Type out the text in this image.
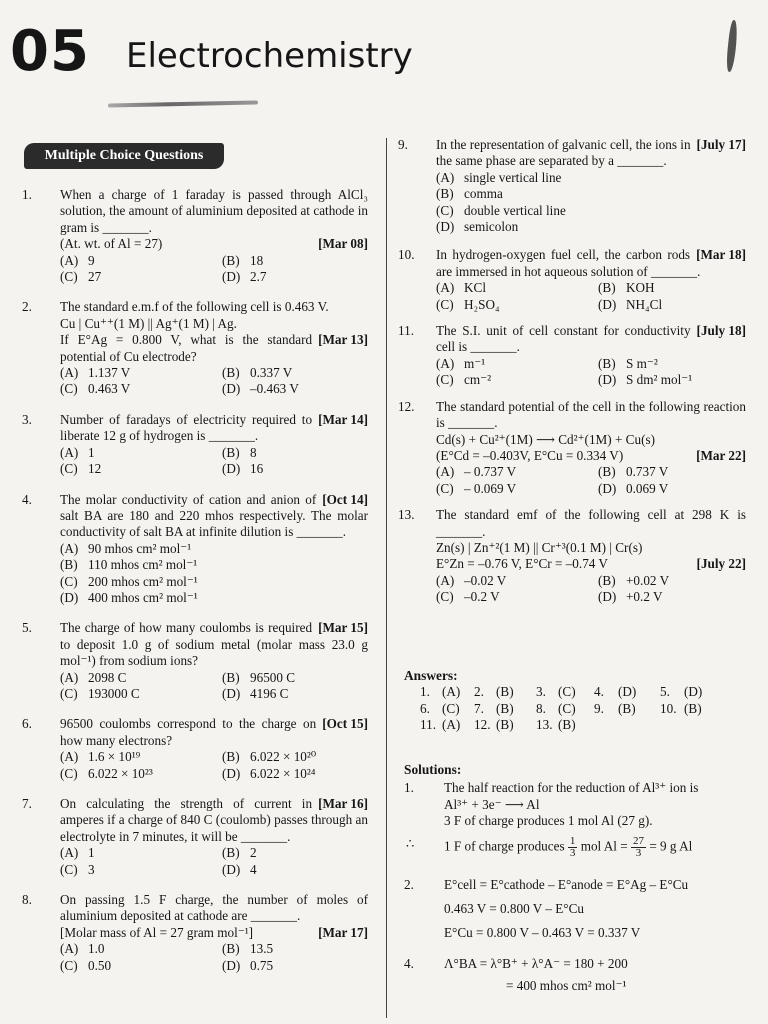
05 Electrochemistry
Multiple Choice Questions
1. When a charge of 1 faraday is passed through AlCl₃ solution, the amount of aluminium deposited at cathode in gram is _______.
[Mar 08]
(At. wt. of Al = 27)
(A) 9	(B) 18
(C) 27	(D) 2.7
2. The standard e.m.f of the following cell is 0.463 V.
Cu | Cu⁺⁺(1 M) || Ag⁺(1 M) | Ag.
[Mar 13]
If E°Ag = 0.800 V, what is the standard potential of Cu electrode?
(A) 1.137 V	(B) 0.337 V
(C) 0.463 V	(D) –0.463 V
3.	[Mar 14]
Number of faradays of electricity required to liberate 12 g of hydrogen is _______.
(A) 1	(B) 8
(C) 12	(D) 16
4.	[Oct 14]
The molar conductivity of cation and anion of salt BA are 180 and 220 mhos respectively. The molar conductivity of salt BA at infinite dilution is _______.
(A) 90 mhos cm² mol⁻¹
(B) 110 mhos cm² mol⁻¹
(C) 200 mhos cm² mol⁻¹
(D) 400 mhos cm² mol⁻¹
5.	[Mar 15]
The charge of how many coulombs is required to deposit 1.0 g of sodium metal (molar mass 23.0 g mol⁻¹) from sodium ions?
(A) 2098 C	(B) 96500 C
(C) 193000 C	(D) 4196 C
6.	[Oct 15]
96500 coulombs correspond to the charge on how many electrons?
(A) 1.6 × 10¹⁹	(B) 6.022 × 10²⁰
(C) 6.022 × 10²³	(D) 6.022 × 10²⁴
7.	[Mar 16]
On calculating the strength of current in amperes if a charge of 840 C (coulomb) passes through an electrolyte in 7 minutes, it will be _______.
(A) 1	(B) 2
(C) 3	(D) 4
8. On passing 1.5 F charge, the number of moles of aluminium deposited at cathode are _______.
[Mar 17]
[Molar mass of Al = 27 gram mol⁻¹]
(A) 1.0	(B) 13.5
(C) 0.50	(D) 0.75
9.	[July 17]
In the representation of galvanic cell, the ions in the same phase are separated by a _______.
(A) single vertical line
(B) comma
(C) double vertical line
(D) semicolon
10.	[Mar 18]
In hydrogen-oxygen fuel cell, the carbon rods are immersed in hot aqueous solution of _______.
(A) KCl	(B) KOH
(C) H₂SO₄	(D) NH₄Cl
11.	[July 18]
The S.I. unit of cell constant for conductivity cell is _______.
(A) m⁻¹	(B) S m⁻²
(C) cm⁻²	(D) S dm² mol⁻¹
12. The standard potential of the cell in the following reaction is _______.
Cd(s) + Cu²⁺(1M) ⟶ Cd²⁺(1M) + Cu(s)
[Mar 22]
(E°Cd = –0.403V, E°Cu = 0.334 V)
(A) – 0.737 V	(B) 0.737 V
(C) – 0.069 V	(D) 0.069 V
13. The standard emf of the following cell at 298 K is _______.
Zn(s) | Zn⁺²(1 M) || Cr⁺³(0.1 M) | Cr(s)
[July 22]
E°Zn = –0.76 V, E°Cr = –0.74 V
(A) –0.02 V	(B) +0.02 V
(C) –0.2 V	(D) +0.2 V
Answers:
1. (A)	2. (B)	3. (C)	4.	(D)	5.	(D)
6. (C)	7. (B)	8. (C)	9.	(B)	10. (B)
11. (A)	12. (B)	13. (B)
Solutions:
1. The half reaction for the reduction of Al³⁺ ion is
Al³⁺ + 3e⁻ ⟶ Al
3 F of charge produces 1 mol Al (27 g).
∴ 1 F of charge produces $\frac{1}{3}$ mol $Al = \frac{27}{3} = 9$ g Al
2. E°cell = E°cathode – E°anode = E°Ag – E°Cu
0.463 V = 0.800 V – E°Cu
E°Cu = 0.800 V – 0.463 V = 0.337 V
4. Λ°BA = λ°B⁺ + λ°A⁻ = 180 + 200
= 400 mhos cm² mol⁻¹
